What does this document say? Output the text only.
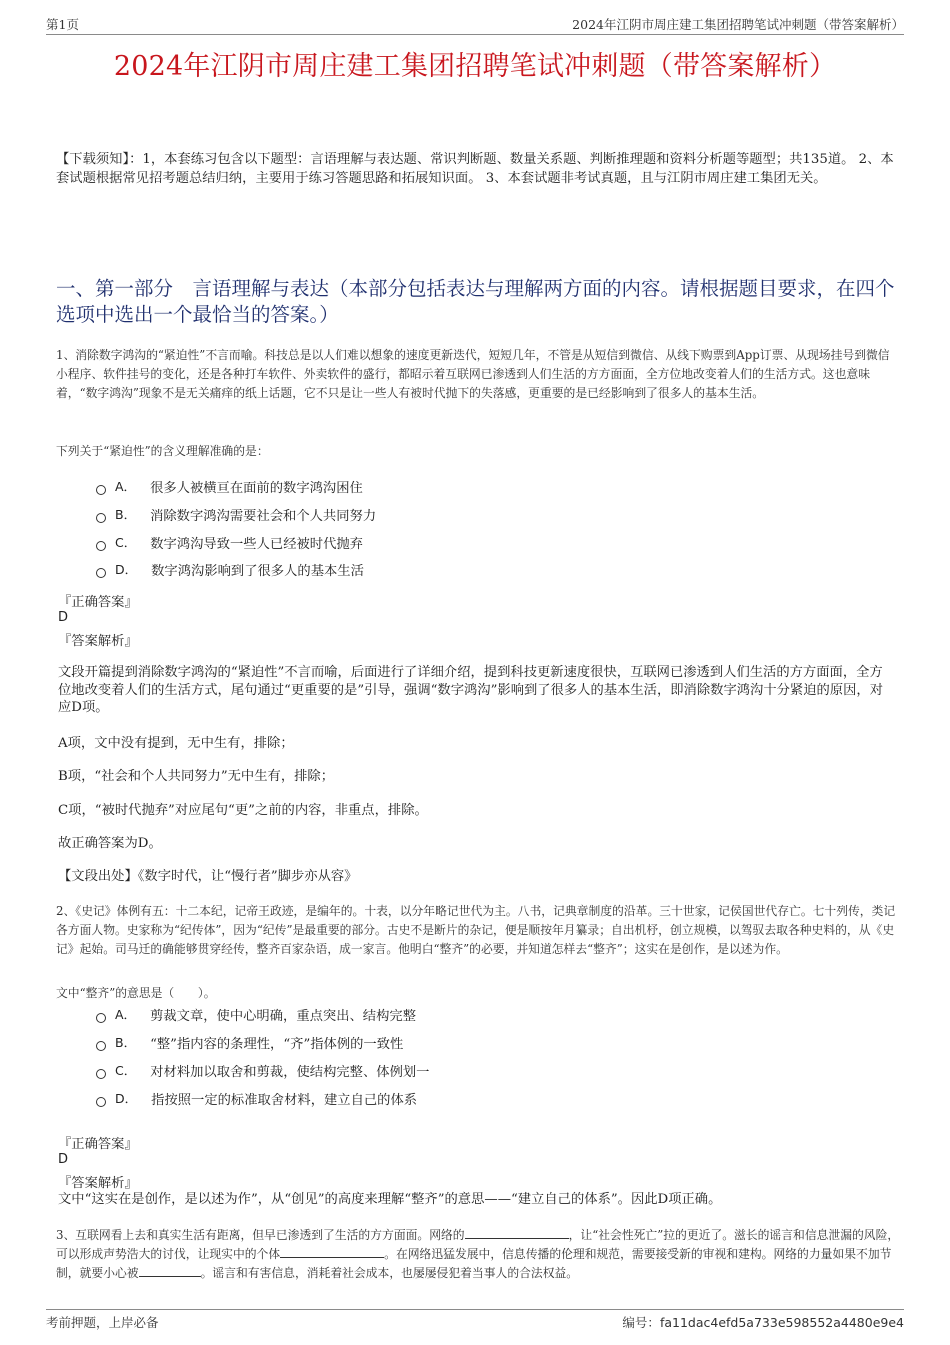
第1页	2024年江阴市周庄建工集团招聘笔试冲刺题（带答案解析）
2024年江阴市周庄建工集团招聘笔试冲刺题（带答案解析）
【下载须知】：1，本套练习包含以下题型：言语理解与表达题、常识判断题、数量关系题、判断推理题和资料分析题等题型；共135道。 2、本套试题根据常见招考题总结归纳，主要用于练习答题思路和拓展知识面。 3、本套试题非考试真题，且与江阴市周庄建工集团无关。
一、第一部分　言语理解与表达（本部分包括表达与理解两方面的内容。请根据题目要求，在四个选项中选出一个最恰当的答案。）
1、消除数字鸿沟的“紧迫性”不言而喻。科技总是以人们难以想象的速度更新迭代，短短几年，不管是从短信到微信、从线下购票到App订票、从现场挂号到微信小程序、软件挂号的变化，还是各种打车软件、外卖软件的盛行，都昭示着互联网已渗透到人们生活的方方面面，全方位地改变着人们的生活方式。这也意味着，“数字鸿沟”现象不是无关痛痒的纸上话题，它不只是让一些人有被时代抛下的失落感，更重要的是已经影响到了很多人的基本生活。
下列关于“紧迫性”的含义理解准确的是：
A． 很多人被横亘在面前的数字鸿沟困住
B． 消除数字鸿沟需要社会和个人共同努力
C． 数字鸿沟导致一些人已经被时代抛弃
D． 数字鸿沟影响到了很多人的基本生活
『正确答案』
D
『答案解析』
文段开篇提到消除数字鸿沟的“紧迫性”不言而喻，后面进行了详细介绍，提到科技更新速度很快，互联网已渗透到人们生活的方方面面，全方位地改变着人们的生活方式，尾句通过“更重要的是”引导，强调“数字鸿沟”影响到了很多人的基本生活，即消除数字鸿沟十分紧迫的原因，对应D项。
A项，文中没有提到，无中生有，排除；
B项，“社会和个人共同努力”无中生有，排除；
C项，“被时代抛弃”对应尾句“更”之前的内容，非重点，排除。
故正确答案为D。
【文段出处】《数字时代，让“慢行者”脚步亦从容》
2、《史记》体例有五：十二本纪，记帝王政迹，是编年的。十表，以分年略记世代为主。八书，记典章制度的沿革。三十世家，记侯国世代存亡。七十列传，类记各方面人物。史家称为“纪传体”，因为“纪传”是最重要的部分。古史不是断片的杂记，便是顺按年月纂录；自出机杼，创立规模，以驾驭去取各种史料的，从《史记》起始。司马迁的确能够贯穿经传，整齐百家杂语，成一家言。他明白“整齐”的必要，并知道怎样去“整齐”；这实在是创作，是以述为作。
文中“整齐”的意思是（　　）。
A． 剪裁文章，使中心明确，重点突出、结构完整
B． “整”指内容的条理性，“齐”指体例的一致性
C． 对材料加以取舍和剪裁，使结构完整、体例划一
D． 指按照一定的标准取舍材料，建立自己的体系
『正确答案』
D
『答案解析』
文中“这实在是创作，是以述为作”，从“创见”的高度来理解“整齐”的意思——“建立自己的体系”。因此D项正确。
3、互联网看上去和真实生活有距离，但早已渗透到了生活的方方面面。网络的	，让“社会性死亡”拉的更近了。滋长的谣言和信息泄漏的风险，可以形成声势浩大的讨伐，让现实中的个体	。在网络迅猛发展中，信息传播的伦理和规范，需要接受新的审视和建构。网络的力量如果不加节制，就要小心被	。谣言和有害信息，消耗着社会成本，也屡屡侵犯着当事人的合法权益。
考前押题，上岸必备	编号：fa11dac4efd5a733e598552a4480e9e4
